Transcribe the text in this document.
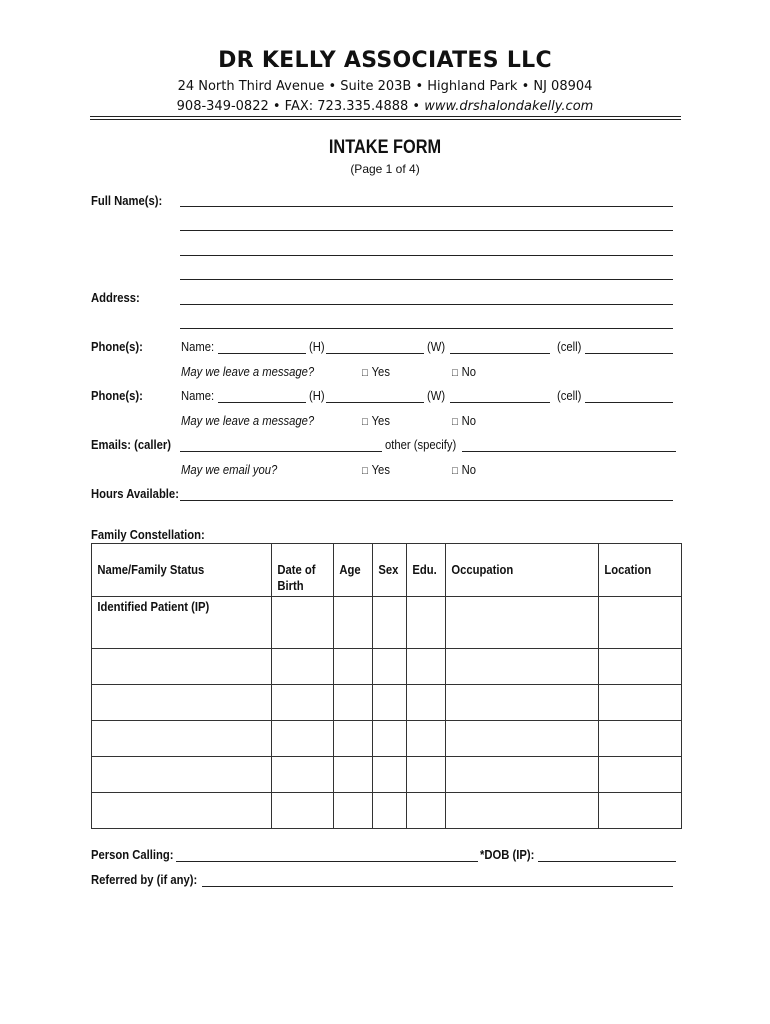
DR KELLY ASSOCIATES LLC
24 North Third Avenue • Suite 203B • Highland Park • NJ 08904
908-349-0822 • FAX: 723.335.4888 • www.drshalondakelly.com
INTAKE FORM
(Page 1 of 4)
Full Name(s):
Address:
Phone(s):	Name:	(H)	(W)	(cell)
May we leave a message?	□ Yes	□ No
Phone(s):	Name:	(H)	(W)	(cell)
May we leave a message?	□ Yes	□ No
Emails: (caller)	other (specify)
May we email you?	□ Yes	□ No
Hours Available:
Family Constellation:
Name/Family Status	Date of Birth	Age	Sex	Edu.	Occupation	Location
Identified Patient (IP)						

Person Calling:	*DOB (IP):
Referred by (if any):
